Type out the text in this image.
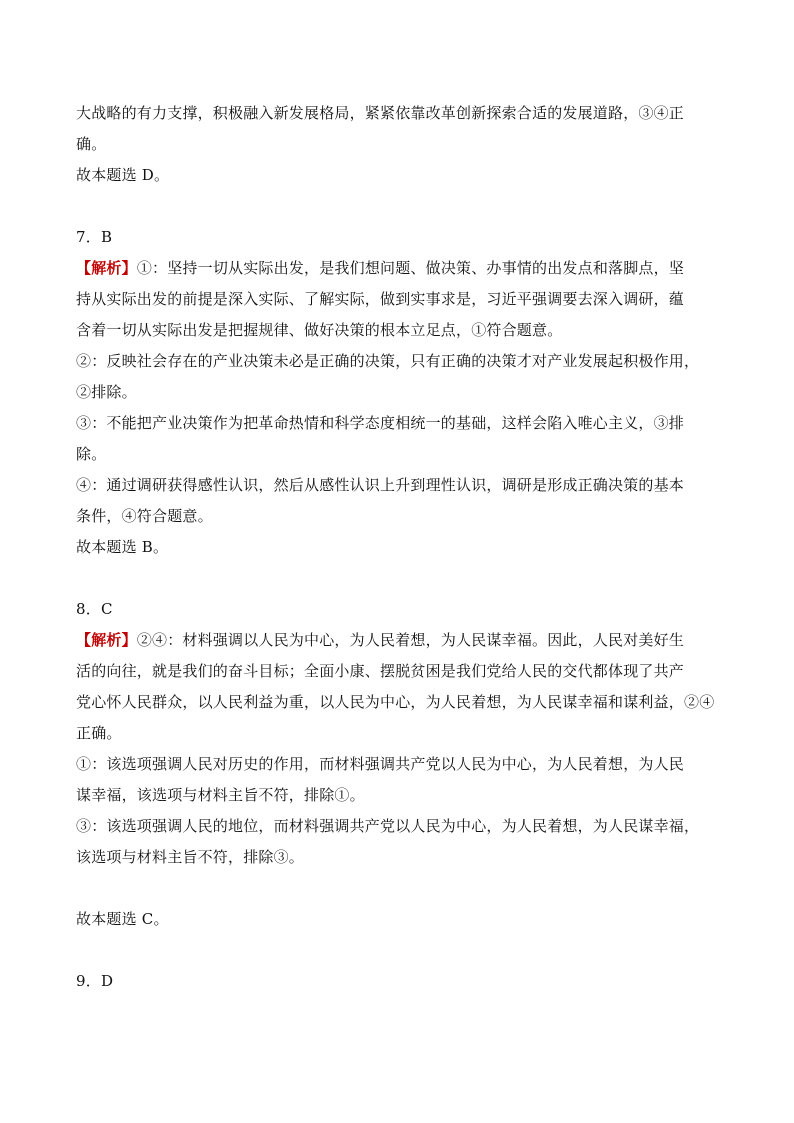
大战略的有力支撑，积极融入新发展格局，紧紧依靠改革创新探索合适的发展道路，③④正
确。
故本题选 D。
7．B
【解析】①：坚持一切从实际出发，是我们想问题、做决策、办事情的出发点和落脚点，坚
持从实际出发的前提是深入实际、了解实际，做到实事求是，习近平强调要去深入调研，蕴
含着一切从实际出发是把握规律、做好决策的根本立足点，①符合题意。
②：反映社会存在的产业决策未必是正确的决策，只有正确的决策才对产业发展起积极作用，
②排除。
③：不能把产业决策作为把革命热情和科学态度相统一的基础，这样会陷入唯心主义，③排
除。
④：通过调研获得感性认识，然后从感性认识上升到理性认识，调研是形成正确决策的基本
条件，④符合题意。
故本题选 B。
8．C
【解析】②④：材料强调以人民为中心，为人民着想，为人民谋幸福。因此，人民对美好生
活的向往，就是我们的奋斗目标；全面小康、摆脱贫困是我们党给人民的交代都体现了共产
党心怀人民群众，以人民利益为重，以人民为中心，为人民着想，为人民谋幸福和谋利益，②④
正确。
①：该选项强调人民对历史的作用，而材料强调共产党以人民为中心，为人民着想，为人民
谋幸福，该选项与材料主旨不符，排除①。
③：该选项强调人民的地位，而材料强调共产党以人民为中心，为人民着想，为人民谋幸福，
该选项与材料主旨不符，排除③。
故本题选 C。
9．D
